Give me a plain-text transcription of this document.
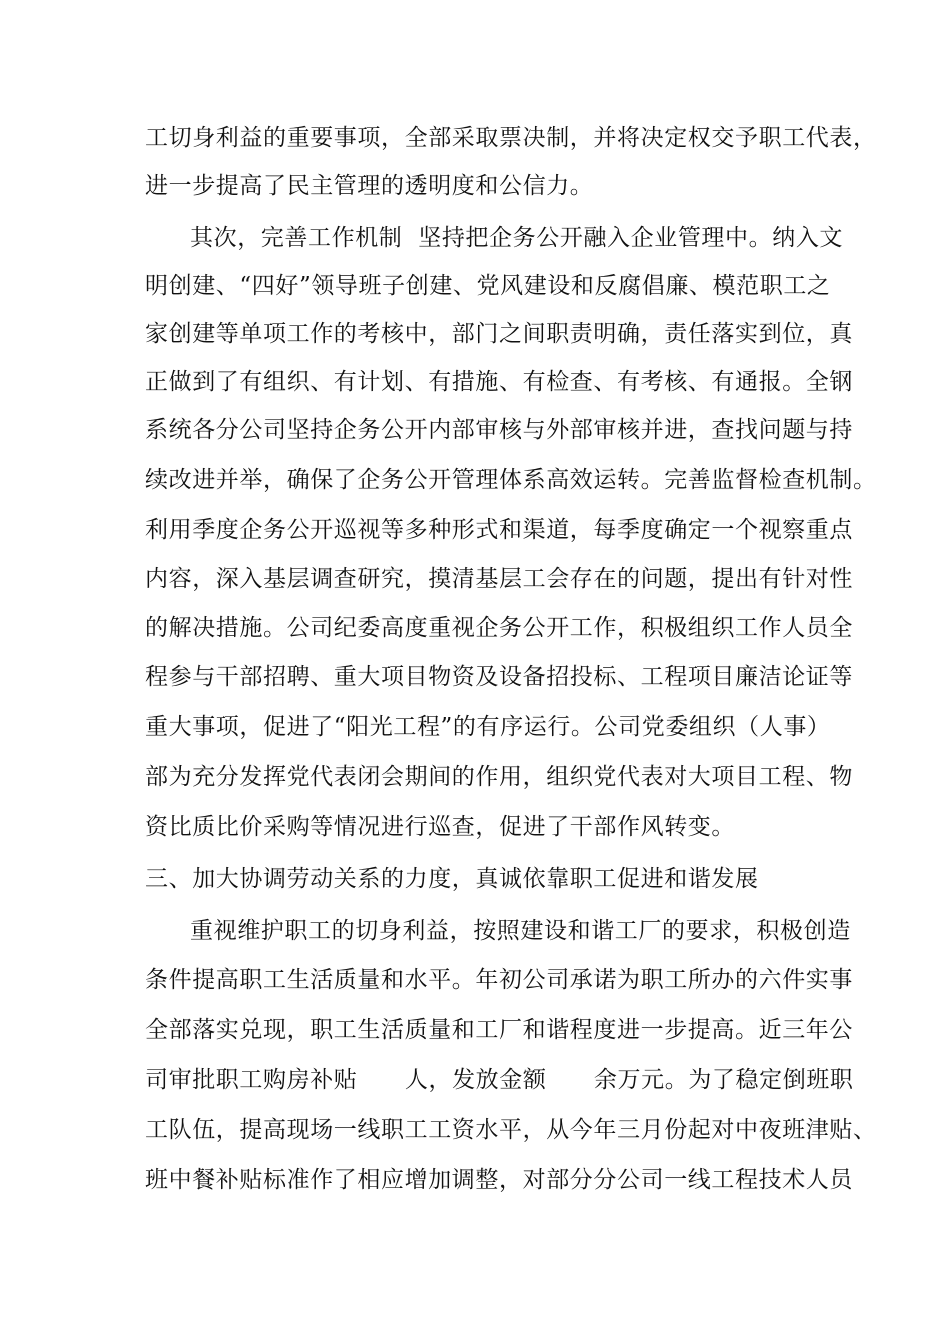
工切身利益的重要事项，全部采取票决制，并将决定权交予职工代表，
进一步提高了民主管理的透明度和公信力。
其次，完善工作机制  坚持把企务公开融入企业管理中。纳入文
明创建、“四好”领导班子创建、党风建设和反腐倡廉、模范职工之
家创建等单项工作的考核中，部门之间职责明确，责任落实到位，真
正做到了有组织、有计划、有措施、有检查、有考核、有通报。全钢
系统各分公司坚持企务公开内部审核与外部审核并进，查找问题与持
续改进并举，确保了企务公开管理体系高效运转。完善监督检查机制。
利用季度企务公开巡视等多种形式和渠道，每季度确定一个视察重点
内容，深入基层调查研究，摸清基层工会存在的问题，提出有针对性
的解决措施。公司纪委高度重视企务公开工作，积极组织工作人员全
程参与干部招聘、重大项目物资及设备招投标、工程项目廉洁论证等
重大事项，促进了“阳光工程”的有序运行。公司党委组织（人事）
部为充分发挥党代表闭会期间的作用，组织党代表对大项目工程、物
资比质比价采购等情况进行巡查，促进了干部作风转变。
三、加大协调劳动关系的力度，真诚依靠职工促进和谐发展
重视维护职工的切身利益，按照建设和谐工厂的要求，积极创造
条件提高职工生活质量和水平。年初公司承诺为职工所办的六件实事
全部落实兑现，职工生活质量和工厂和谐程度进一步提高。近三年公
司审批职工购房补贴      人，发放金额      余万元。为了稳定倒班职
工队伍，提高现场一线职工工资水平，从今年三月份起对中夜班津贴、
班中餐补贴标准作了相应增加调整，对部分分公司一线工程技术人员
